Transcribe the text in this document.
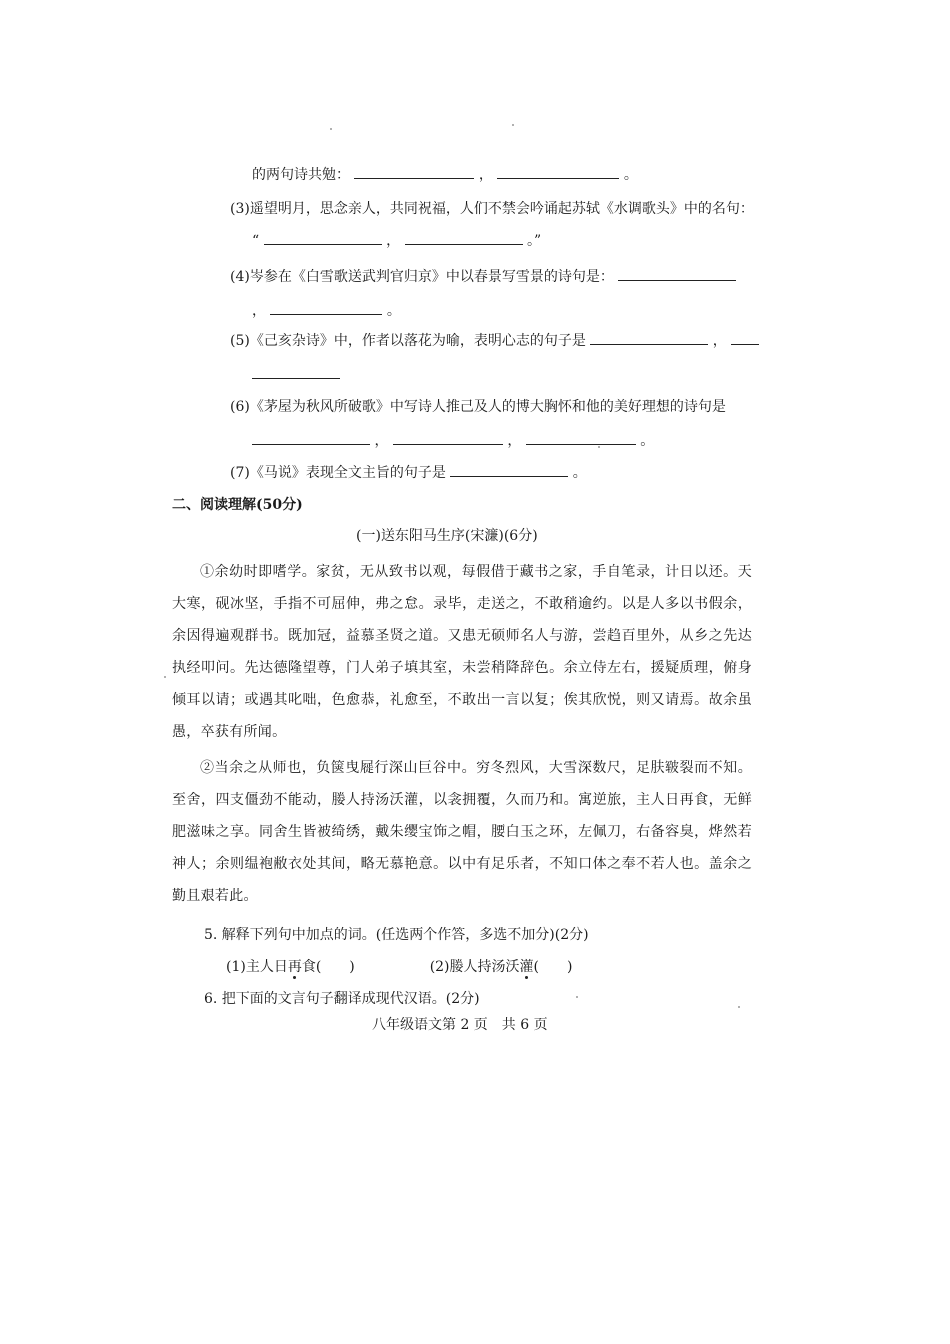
的两句诗共勉：	，	。
(3)遥望明月，思念亲人，共同祝福，人们不禁会吟诵起苏轼《水调歌头》中的名句：
“	，	。”
(4)岑参在《白雪歌送武判官归京》中以春景写雪景的诗句是：
，	。
(5)《己亥杂诗》中，作者以落花为喻，表明心志的句子是	，
(6)《茅屋为秋风所破歌》中写诗人推己及人的博大胸怀和他的美好理想的诗句是
，	，	。
(7)《马说》表现全文主旨的句子是	。
二、阅读理解(50分)
(一)送东阳马生序(宋濂)(6分)
①余幼时即嗜学。家贫，无从致书以观，每假借于藏书之家，手自笔录，计日以还。天大寒，砚冰坚，手指不可屈伸，弗之怠。录毕，走送之，不敢稍逾约。以是人多以书假余，余因得遍观群书。既加冠，益慕圣贤之道。又患无硕师名人与游，尝趋百里外，从乡之先达执经叩问。先达德隆望尊，门人弟子填其室，未尝稍降辞色。余立侍左右，援疑质理，俯身倾耳以请；或遇其叱咄，色愈恭，礼愈至，不敢出一言以复；俟其欣悦，则又请焉。故余虽愚，卒获有所闻。
②当余之从师也，负箧曳屣行深山巨谷中。穷冬烈风，大雪深数尺，足肤皲裂而不知。至舍，四支僵劲不能动，媵人持汤沃灌，以衾拥覆，久而乃和。寓逆旅，主人日再食，无鲜肥滋味之享。同舍生皆被绮绣，戴朱缨宝饰之帽，腰白玉之环，左佩刀，右备容臭，烨然若神人；余则缊袍敝衣处其间，略无慕艳意。以中有足乐者，不知口体之奉不若人也。盖余之勤且艰若此。
5. 解释下列句中加点的词。(任选两个作答，多选不加分)(2分)
(1)主人日再食(　　)	(2)媵人持汤沃灌(　　)
6. 把下面的文言句子翻译成现代汉语。(2分)
八年级语文第 2 页　共 6 页
